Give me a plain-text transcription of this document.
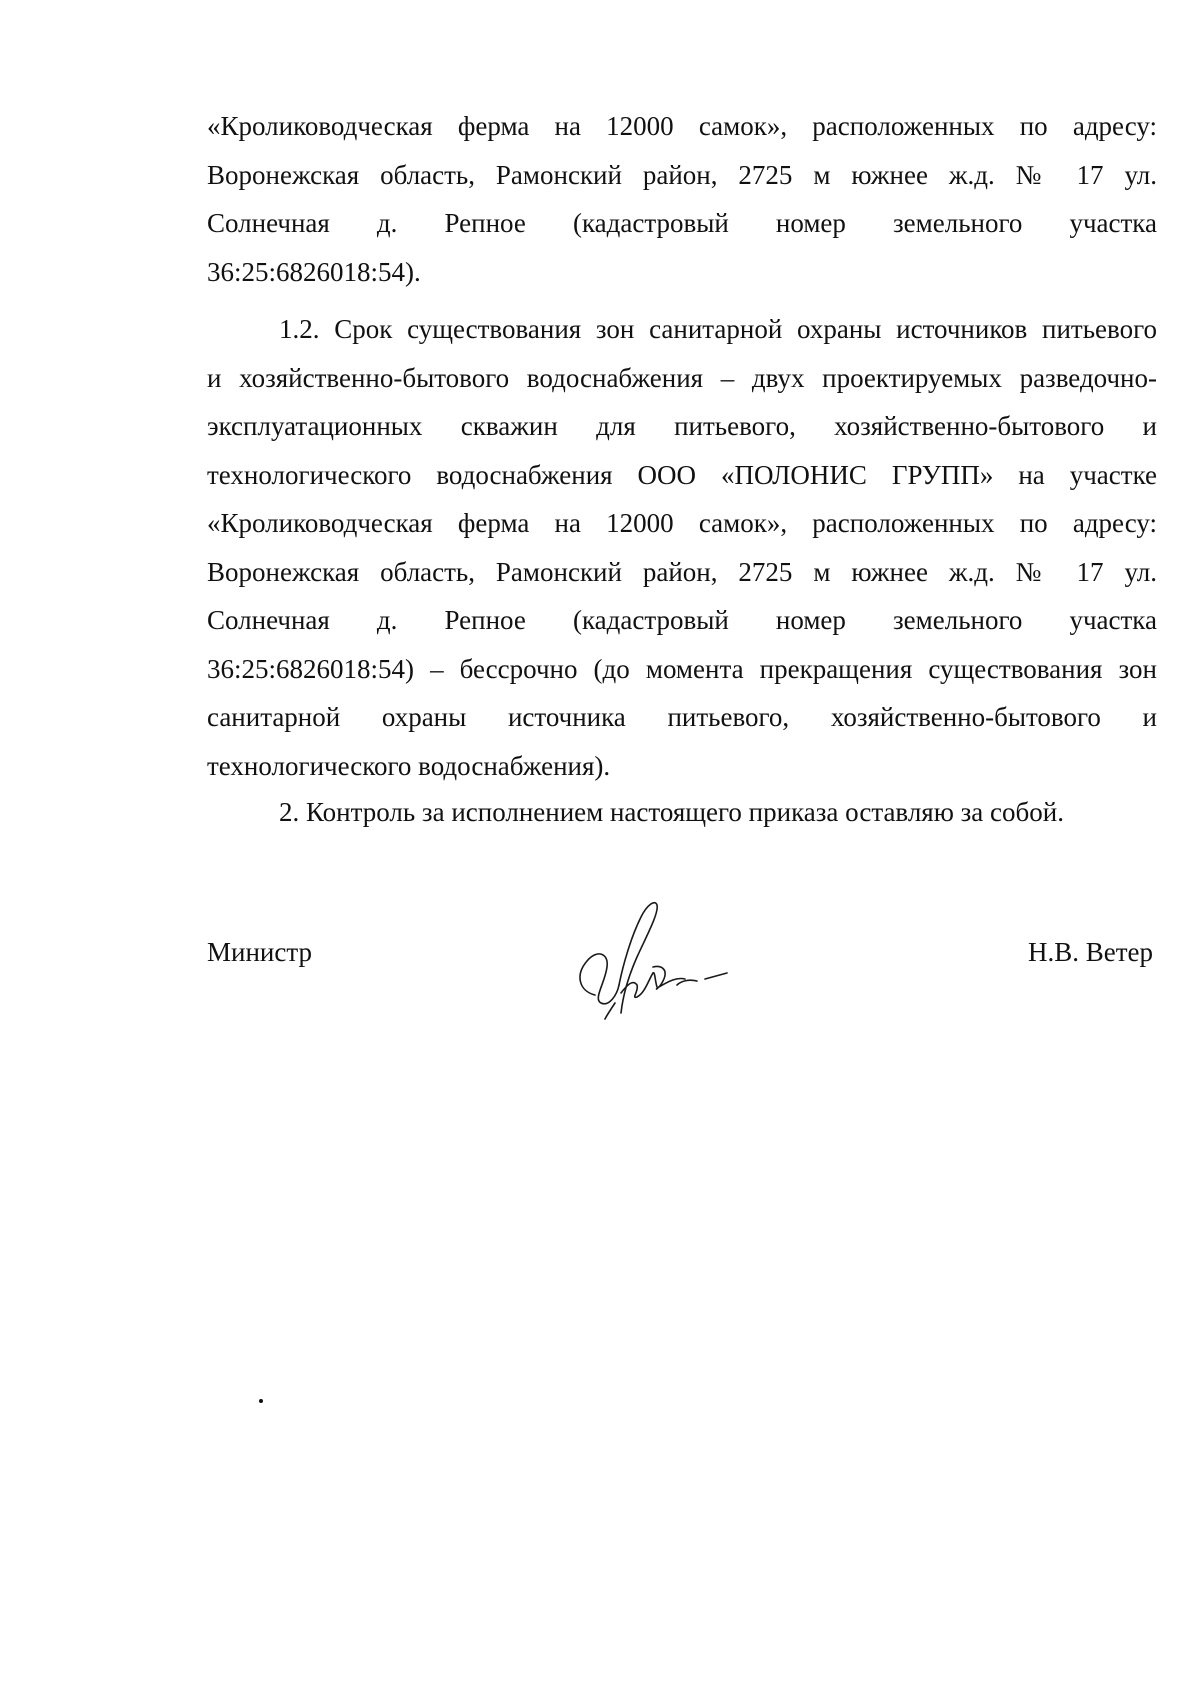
«Кролиководческая ферма на 12000 самок», расположенных по адресу:
Воронежская область, Рамонский район, 2725 м южнее ж.д. № 17 ул.
Солнечная д. Репное (кадастровый номер земельного участка
36:25:6826018:54).
1.2. Срок существования зон санитарной охраны источников питьевого
и хозяйственно-бытового водоснабжения – двух проектируемых разведочно-
эксплуатационных скважин для питьевого, хозяйственно-бытового и
технологического водоснабжения ООО «ПОЛОНИС ГРУПП» на участке
«Кролиководческая ферма на 12000 самок», расположенных по адресу:
Воронежская область, Рамонский район, 2725 м южнее ж.д. № 17 ул.
Солнечная д. Репное (кадастровый номер земельного участка
36:25:6826018:54) – бессрочно (до момента прекращения существования зон
санитарной охраны источника питьевого, хозяйственно-бытового и
технологического водоснабжения).
2. Контроль за исполнением настоящего приказа оставляю за собой.
Министр	Н.В. Ветер
